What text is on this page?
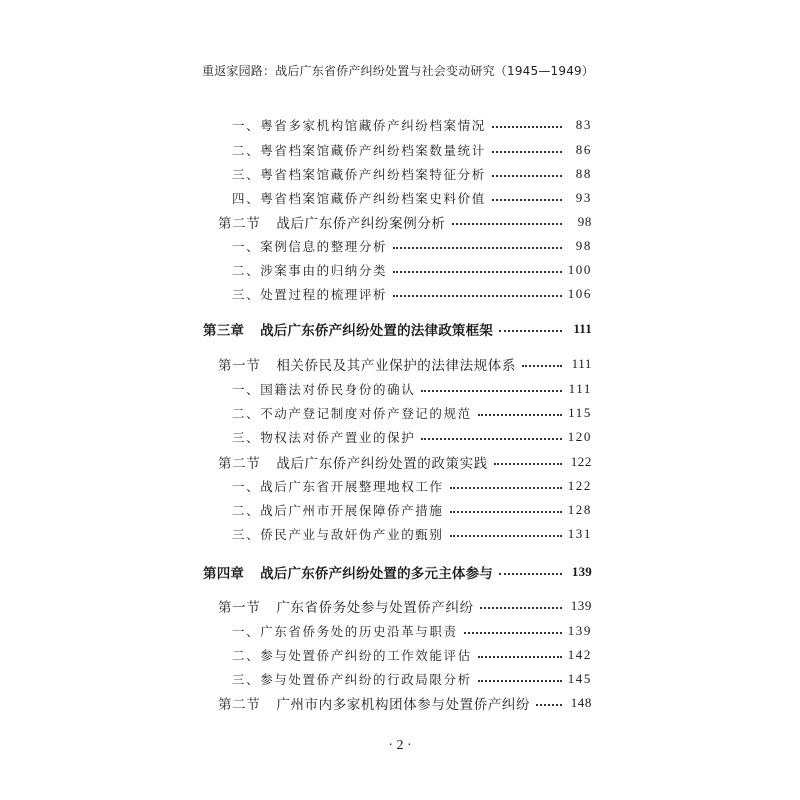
重返家园路：战后广东省侨产纠纷处置与社会变动研究（1945—1949）
一、粤省多家机构馆藏侨产纠纷档案情况	83
二、粤省档案馆藏侨产纠纷档案数量统计	86
三、粤省档案馆藏侨产纠纷档案特征分析	88
四、粤省档案馆藏侨产纠纷档案史料价值	93
第二节 战后广东侨产纠纷案例分析	98
一、案例信息的整理分析	98
二、涉案事由的归纳分类	100
三、处置过程的梳理评析	106
第三章 战后广东侨产纠纷处置的法律政策框架	111
第一节 相关侨民及其产业保护的法律法规体系	111
一、国籍法对侨民身份的确认	111
二、不动产登记制度对侨产登记的规范	115
三、物权法对侨产置业的保护	120
第二节 战后广东侨产纠纷处置的政策实践	122
一、战后广东省开展整理地权工作	122
二、战后广州市开展保障侨产措施	128
三、侨民产业与敌奸伪产业的甄别	131
第四章 战后广东侨产纠纷处置的多元主体参与	139
第一节 广东省侨务处参与处置侨产纠纷	139
一、广东省侨务处的历史沿革与职责	139
二、参与处置侨产纠纷的工作效能评估	142
三、参与处置侨产纠纷的行政局限分析	145
第二节 广州市内多家机构团体参与处置侨产纠纷	148
· 2 ·
